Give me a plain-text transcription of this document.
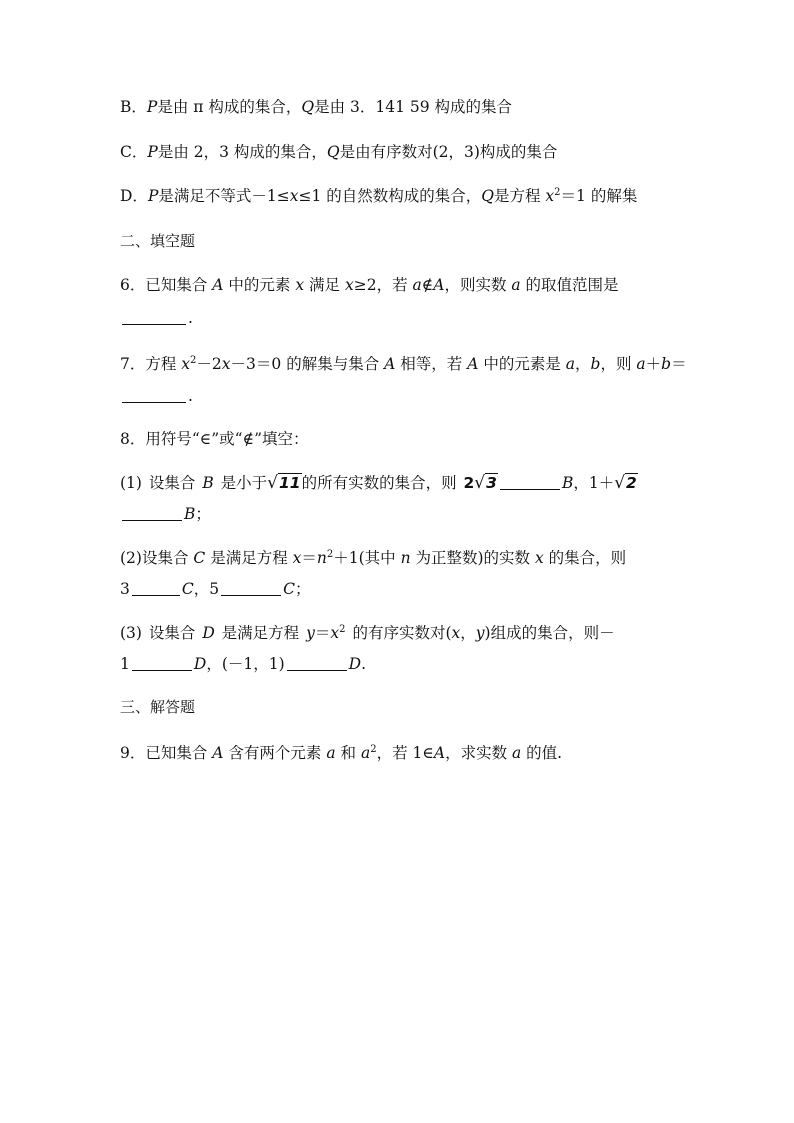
B．P是由 π 构成的集合，Q是由 3．141 59 构成的集合
C．P是由 2，3 构成的集合，Q是由有序数对(2，3)构成的集合
D．P是满足不等式－1≤x≤1 的自然数构成的集合，Q是方程 $x^2=1$ 的解集
二、填空题
6．已知集合 A 中的元素 x 满足 x≥2，若 a∉A，则实数 a 的取值范围是
.
7．方程 $x^2-2x-3=0$ 的解集与集合 A 相等，若 A 中的元素是 a，b，则 a＋b＝
.
8．用符号“∈”或“∉”填空：
(1) 设集合 B 是小于√11的所有实数的集合，则 2√3	B，1＋√2
B；
(2)设集合 C 是满足方程 $x=n^2+1$(其中 n 为正整数)的实数 x 的集合，则
3	C，5	C；
(3) 设集合 D 是满足方程 $y=x^2$ 的有序实数对(x，y)组成的集合，则－
1	D，(－1，1)	D.
三、解答题
9．已知集合 A 含有两个元素 a 和 $a^2$，若 1∈A，求实数 a 的值.
